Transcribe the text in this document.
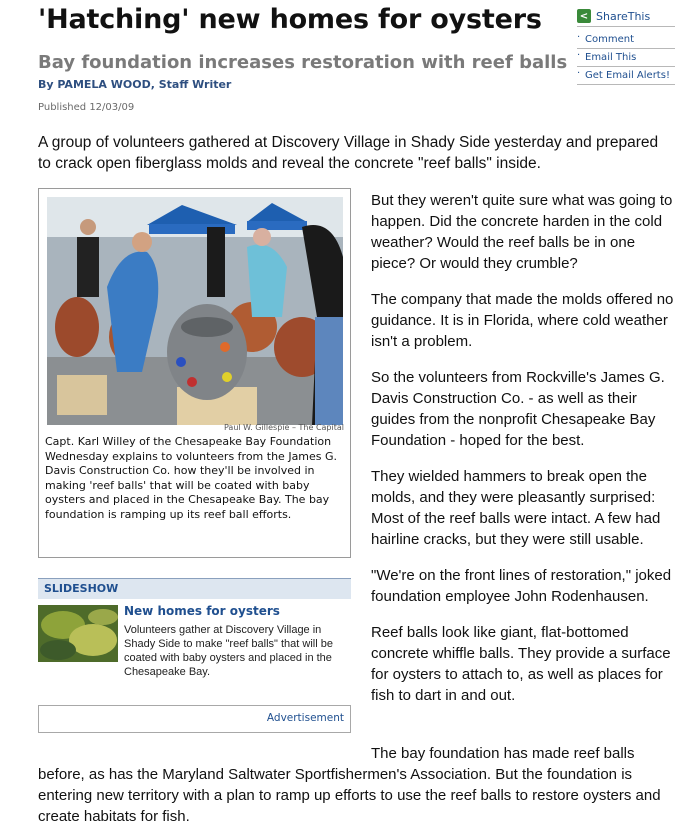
'Hatching' new homes for oysters
Bay foundation increases restoration with reef balls
By PAMELA WOOD, Staff Writer
Published 12/03/09
< ShareThis
· Comment
· Email This
· Get Email Alerts!

A group of volunteers gathered at Discovery Village in Shady Side yesterday and prepared to crack open fiberglass molds and reveal the concrete "reef balls" inside.

Paul W. Gillespie – The Capital

Capt. Karl Willey of the Chesapeake Bay Foundation Wednesday explains to volunteers from the James G. Davis Construction Co. how they'll be involved in making 'reef balls' that will be coated with baby oysters and placed in the Chesapeake Bay. The bay foundation is ramping up its reef ball efforts.

SLIDESHOW
New homes for oysters

Volunteers gather at Discovery Village in Shady Side to make "reef balls" that will be coated with baby oysters and placed in the Chesapeake Bay.

Advertisement

But they weren't quite sure what was going to happen. Did the concrete harden in the cold weather? Would the reef balls be in one piece? Or would they crumble?

The company that made the molds offered no guidance. It is in Florida, where cold weather isn't a problem.

So the volunteers from Rockville's James G. Davis Construction Co. - as well as their guides from the nonprofit Chesapeake Bay Foundation - hoped for the best.

They wielded hammers to break open the molds, and they were pleasantly surprised: Most of the reef balls were intact. A few had hairline cracks, but they were still usable.

"We're on the front lines of restoration," joked foundation employee John Rodenhausen.

Reef balls look like giant, flat-bottomed concrete whiffle balls. They provide a surface for oysters to attach to, as well as places for fish to dart in and out.

The bay foundation has made reef balls before, as has the Maryland Saltwater Sportfishermen's Association. But the foundation is entering new territory with a plan to ramp up efforts to use the reef balls to restore oysters and create habitats for fish.
